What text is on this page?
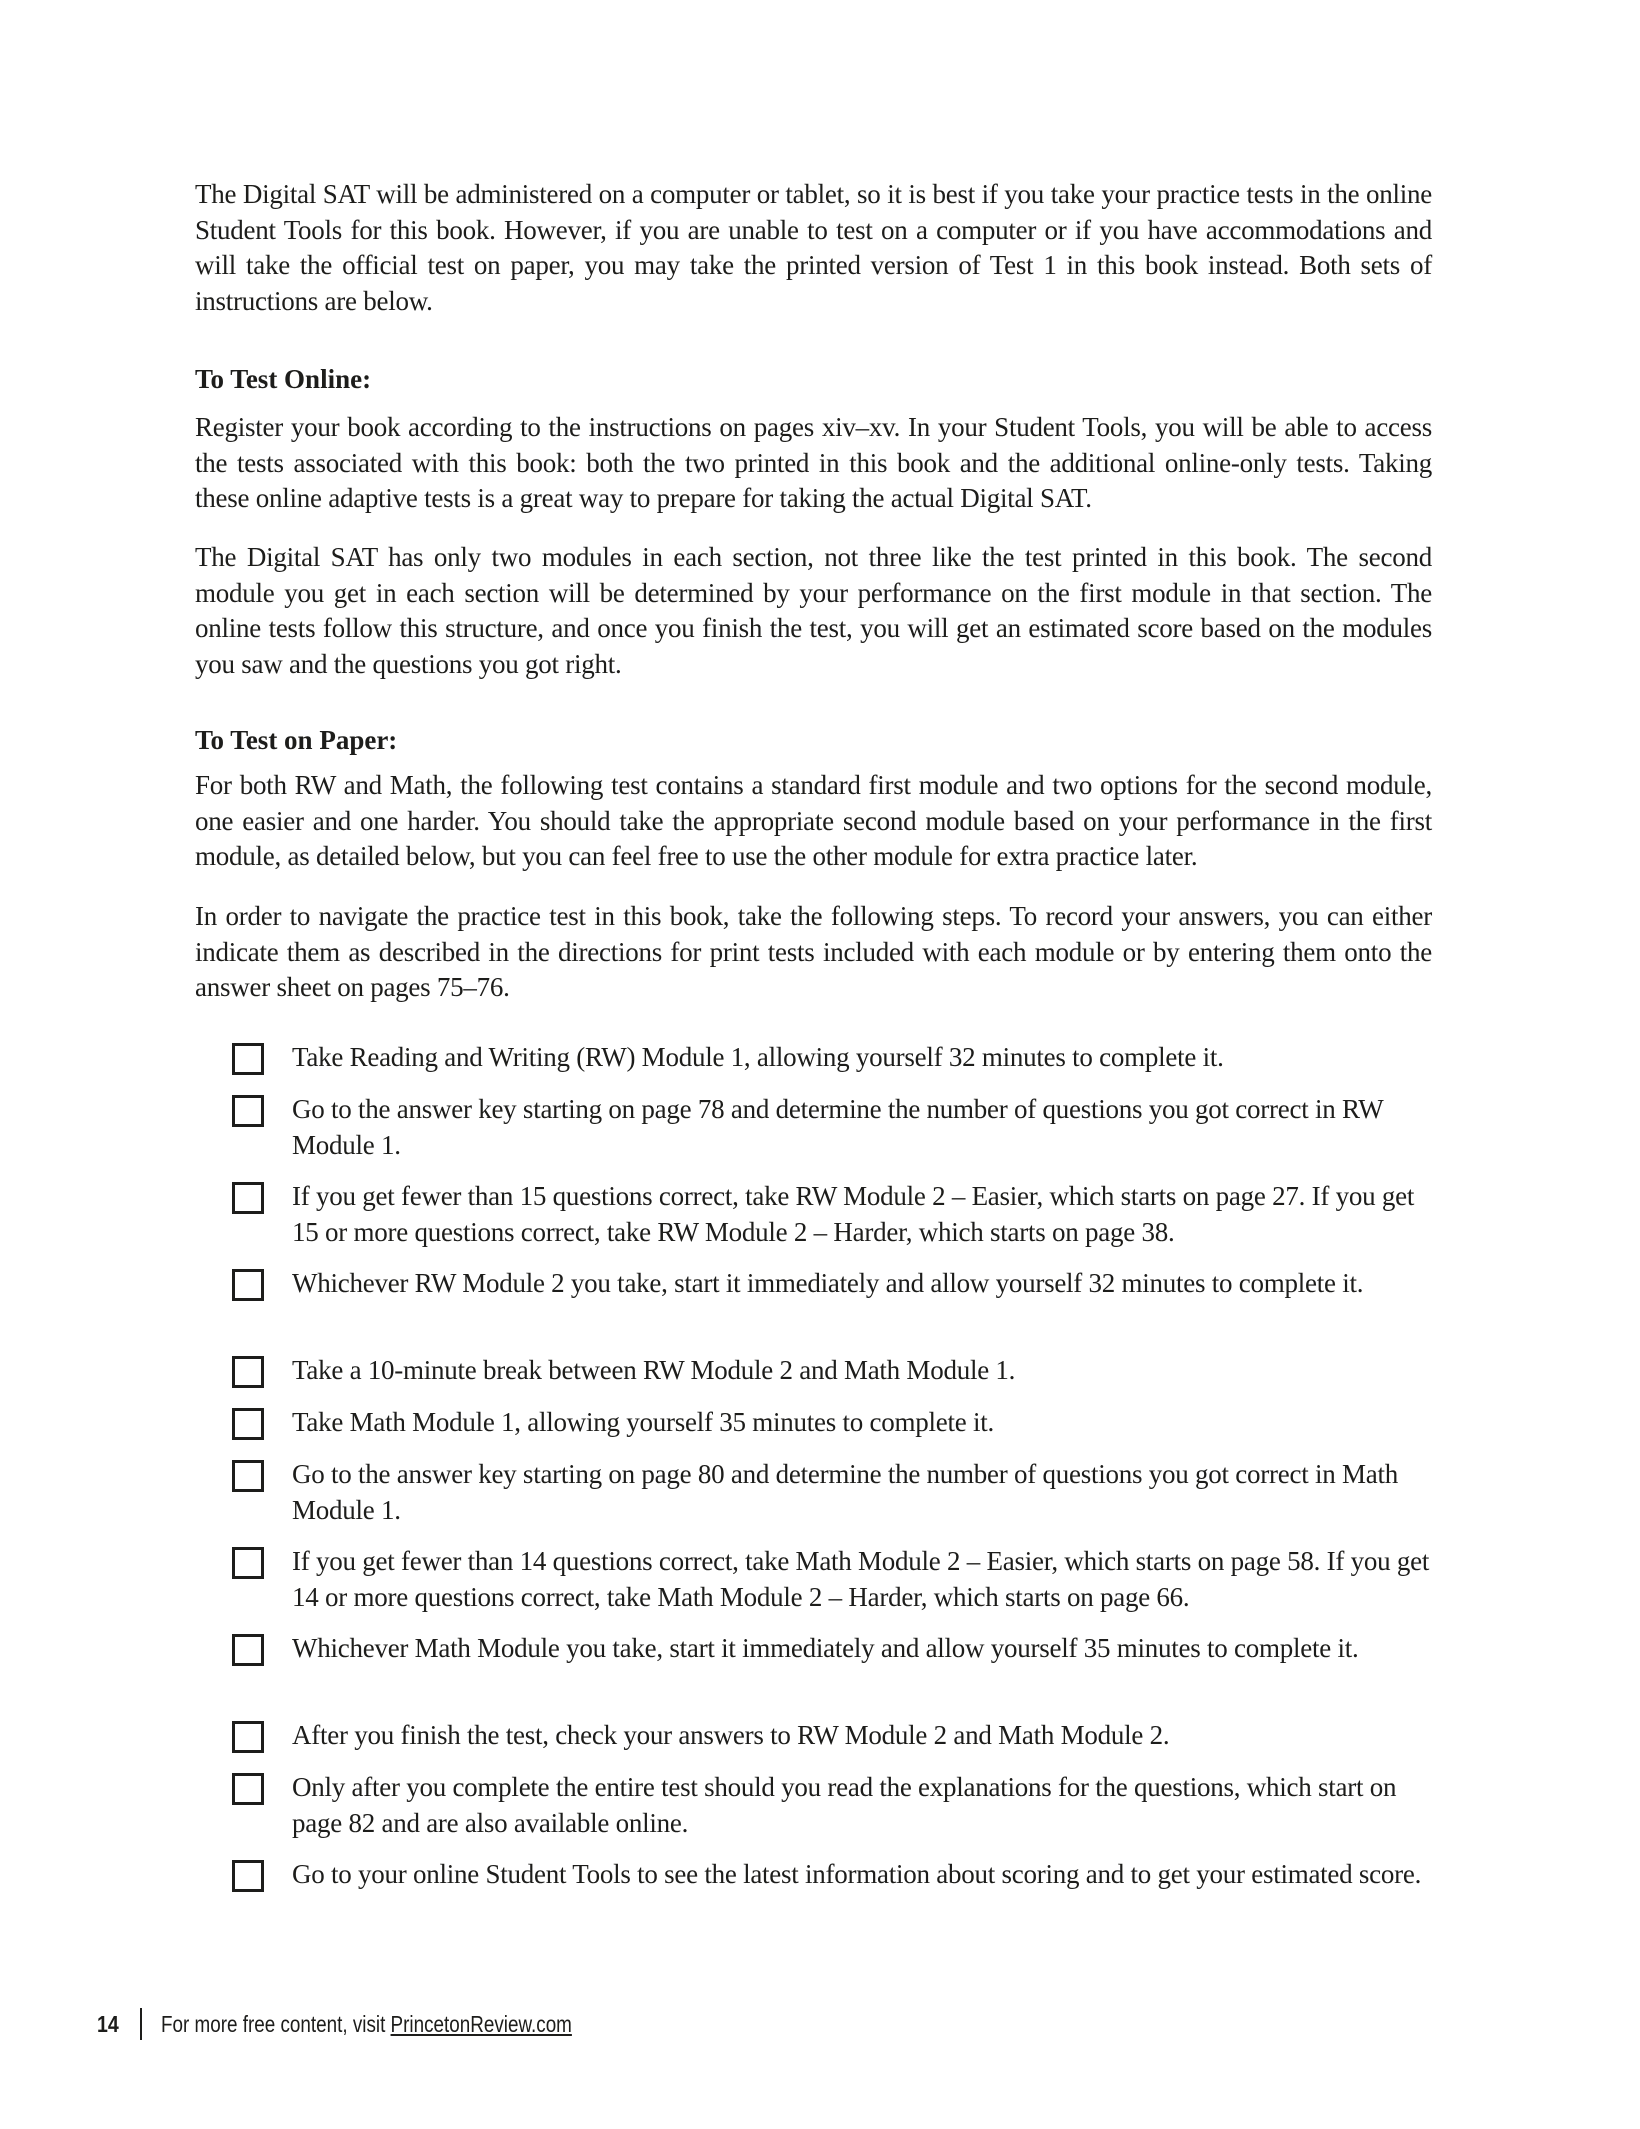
The Digital SAT will be administered on a computer or tablet, so it is best if you take your practice tests in the online Student Tools for this book. However, if you are unable to test on a computer or if you have accommodations and will take the official test on paper, you may take the printed version of Test 1 in this book instead. Both sets of instructions are below.

To Test Online:

Register your book according to the instructions on pages xiv–xv. In your Student Tools, you will be able to access the tests associated with this book: both the two printed in this book and the additional online-only tests. Taking these online adaptive tests is a great way to prepare for taking the actual Digital SAT.

The Digital SAT has only two modules in each section, not three like the test printed in this book. The second module you get in each section will be determined by your performance on the first module in that section. The online tests follow this structure, and once you finish the test, you will get an estimated score based on the modules you saw and the questions you got right.

To Test on Paper:

For both RW and Math, the following test contains a standard first module and two options for the second module, one easier and one harder. You should take the appropriate second module based on your performance in the first module, as detailed below, but you can feel free to use the other module for extra practice later.

In order to navigate the practice test in this book, take the following steps. To record your answers, you can either indicate them as described in the directions for print tests included with each module or by entering them onto the answer sheet on pages 75–76.

Take Reading and Writing (RW) Module 1, allowing yourself 32 minutes to complete it.
Go to the answer key starting on page 78 and determine the number of questions you got correct in RW Module 1.
If you get fewer than 15 questions correct, take RW Module 2 – Easier, which starts on page 27. If you get 15 or more questions correct, take RW Module 2 – Harder, which starts on page 38.
Whichever RW Module 2 you take, start it immediately and allow yourself 32 minutes to complete it.
Take a 10-minute break between RW Module 2 and Math Module 1.
Take Math Module 1, allowing yourself 35 minutes to complete it.
Go to the answer key starting on page 80 and determine the number of questions you got correct in Math Module 1.
If you get fewer than 14 questions correct, take Math Module 2 – Easier, which starts on page 58. If you get 14 or more questions correct, take Math Module 2 – Harder, which starts on page 66.
Whichever Math Module you take, start it immediately and allow yourself 35 minutes to complete it.
After you finish the test, check your answers to RW Module 2 and Math Module 2.
Only after you complete the entire test should you read the explanations for the questions, which start on page 82 and are also available online.
Go to your online Student Tools to see the latest information about scoring and to get your estimated score.
14 For more free content, visit PrincetonReview.com
